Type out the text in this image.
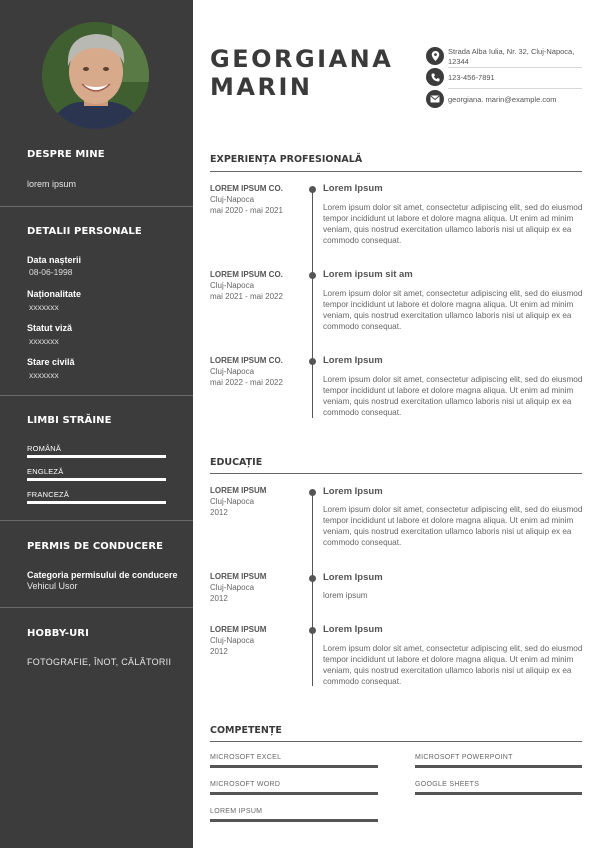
DESPRE MINE
lorem ipsum
DETALII PERSONALE
Data nașterii
08-06-1998
Naționalitate
xxxxxxx
Statut viză
xxxxxxx
Stare civilă
xxxxxxx
LIMBI STRĂINE
ROMÂNĂ
ENGLEZĂ
FRANCEZĂ
PERMIS DE CONDUCERE
Categoria permisului de conducere
Vehicul Usor
HOBBY-URI
FOTOGRAFIE, ÎNOT, CĂLĂTORII
GEORGIANA
MARIN
Strada Alba Iulia, Nr. 32, Cluj-Napoca, 12344
123-456-7891
georgiana. marin@example.com
EXPERIENȚA PROFESIONALĂ
LOREM IPSUM CO.
Cluj-Napoca
mai 2020 - mai 2021
Lorem Ipsum
Lorem ipsum dolor sit amet, consectetur adipiscing elit, sed do eiusmod tempor incididunt ut labore et dolore magna aliqua. Ut enim ad minim veniam, quis nostrud exercitation ullamco laboris nisi ut aliquip ex ea commodo consequat.
LOREM IPSUM CO.
Cluj-Napoca
mai 2021 - mai 2022
Lorem ipsum sit am
Lorem ipsum dolor sit amet, consectetur adipiscing elit, sed do eiusmod tempor incididunt ut labore et dolore magna aliqua. Ut enim ad minim veniam, quis nostrud exercitation ullamco laboris nisi ut aliquip ex ea commodo consequat.
LOREM IPSUM CO.
Cluj-Napoca
mai 2022 - mai 2022
Lorem Ipsum
Lorem ipsum dolor sit amet, consectetur adipiscing elit, sed do eiusmod tempor incididunt ut labore et dolore magna aliqua. Ut enim ad minim veniam, quis nostrud exercitation ullamco laboris nisi ut aliquip ex ea commodo consequat.
EDUCAȚIE
LOREM IPSUM
Cluj-Napoca
2012
Lorem Ipsum
Lorem ipsum dolor sit amet, consectetur adipiscing elit, sed do eiusmod tempor incididunt ut labore et dolore magna aliqua. Ut enim ad minim veniam, quis nostrud exercitation ullamco laboris nisi ut aliquip ex ea commodo consequat.
LOREM IPSUM
Cluj-Napoca
2012
Lorem Ipsum
lorem ipsum
LOREM IPSUM
Cluj-Napoca
2012
Lorem Ipsum
Lorem ipsum dolor sit amet, consectetur adipiscing elit, sed do eiusmod tempor incididunt ut labore et dolore magna aliqua. Ut enim ad minim veniam, quis nostrud exercitation ullamco laboris nisi ut aliquip ex ea commodo consequat.
COMPETENȚE
MICROSOFT EXCEL	MICROSOFT POWERPOINT
MICROSOFT WORD	GOOGLE SHEETS
LOREM IPSUM
